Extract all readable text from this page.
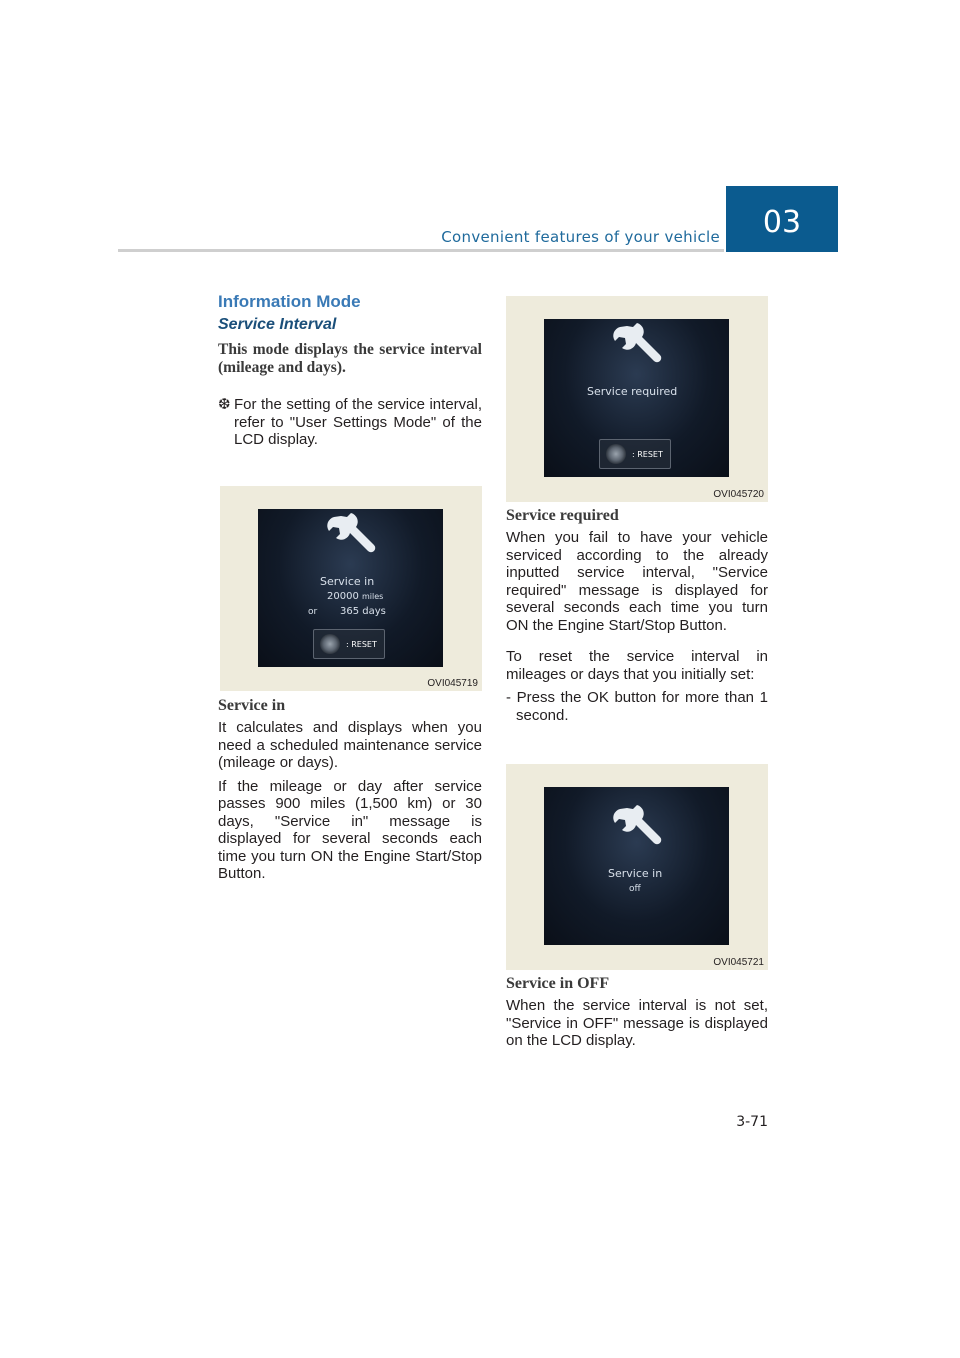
Convenient features of your vehicle 03
Information Mode
Service Interval
This mode displays the service interval (mileage and days).
❆ For the setting of the service interval, refer to "User Settings Mode" of the LCD display.
Service in
20000 miles
or 365 days
: RESET
OVI045719
Service in

It calculates and displays when you need a scheduled maintenance service (mileage or days).

If the mileage or day after service passes 900 miles (1,500 km) or 30 days, "Service in" message is displayed for several seconds each time you turn ON the Engine Start/Stop Button.

Service required
: RESET
OVI045720
Service required

When you fail to have your vehicle serviced according to the already inputted service interval, "Service required" message is displayed for several seconds each time you turn ON the Engine Start/Stop Button.

To reset the service interval in mileages or days that you initially set:

- Press the OK button for more than 1 second.

Service in
off
OVI045721
Service in OFF

When the service interval is not set, "Service in OFF" message is displayed on the LCD display.

3-71
